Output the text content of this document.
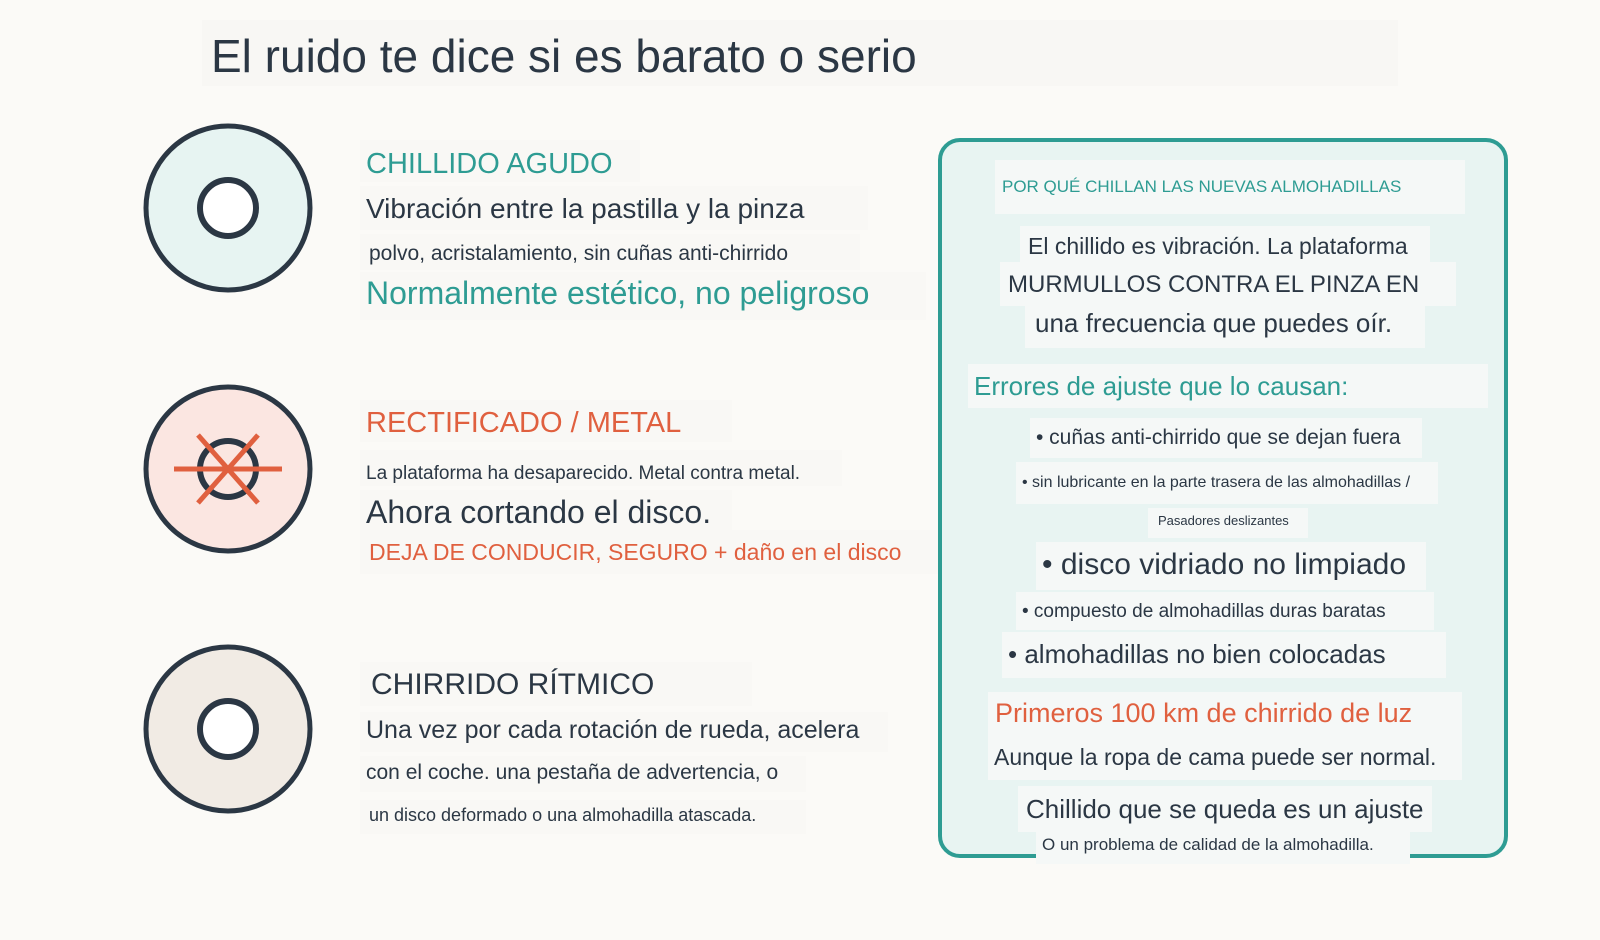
El ruido te dice si es barato o serio
CHILLIDO AGUDO
Vibración entre la pastilla y la pinza
polvo, acristalamiento, sin cuñas anti-chirrido
Normalmente estético, no peligroso
RECTIFICADO / METAL
La plataforma ha desaparecido. Metal contra metal.
Ahora cortando el disco.
DEJA DE CONDUCIR, SEGURO + daño en el disco
CHIRRIDO RÍTMICO
Una vez por cada rotación de rueda, acelera
con el coche. una pestaña de advertencia, o
un disco deformado o una almohadilla atascada.
POR QUÉ CHILLAN LAS NUEVAS ALMOHADILLAS
El chillido es vibración. La plataforma
MURMULLOS CONTRA EL PINZA EN
una frecuencia que puedes oír.
Errores de ajuste que lo causan:
• cuñas anti-chirrido que se dejan fuera
• sin lubricante en la parte trasera de las almohadillas /
Pasadores deslizantes
• disco vidriado no limpiado
• compuesto de almohadillas duras baratas
• almohadillas no bien colocadas
Primeros 100 km de chirrido de luz
Aunque la ropa de cama puede ser normal.
Chillido que se queda es un ajuste
O un problema de calidad de la almohadilla.
